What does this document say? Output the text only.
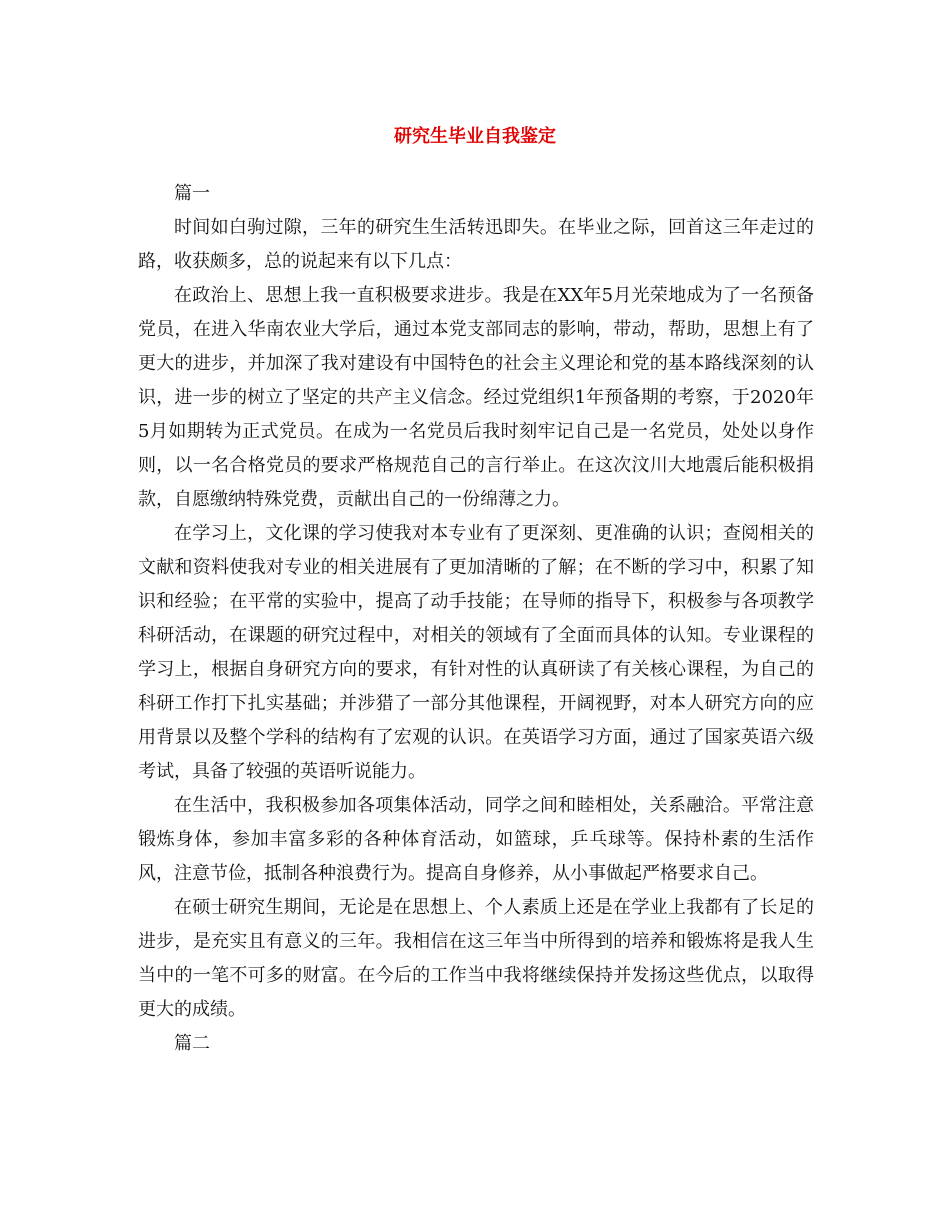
研究生毕业自我鉴定

篇一

时间如白驹过隙，三年的研究生生活转迅即失。在毕业之际，回首这三年走过的路，收获颇多，总的说起来有以下几点：

在政治上、思想上我一直积极要求进步。我是在XX年5月光荣地成为了一名预备党员，在进入华南农业大学后，通过本党支部同志的影响，带动，帮助，思想上有了更大的进步，并加深了我对建设有中国特色的社会主义理论和党的基本路线深刻的认识，进一步的树立了坚定的共产主义信念。经过党组织1年预备期的考察，于2020年5月如期转为正式党员。在成为一名党员后我时刻牢记自己是一名党员，处处以身作则，以一名合格党员的要求严格规范自己的言行举止。在这次汶川大地震后能积极捐款，自愿缴纳特殊党费，贡献出自己的一份绵薄之力。

在学习上，文化课的学习使我对本专业有了更深刻、更准确的认识；查阅相关的文献和资料使我对专业的相关进展有了更加清晰的了解；在不断的学习中，积累了知识和经验；在平常的实验中，提高了动手技能；在导师的指导下，积极参与各项教学科研活动，在课题的研究过程中，对相关的领域有了全面而具体的认知。专业课程的学习上，根据自身研究方向的要求，有针对性的认真研读了有关核心课程，为自己的科研工作打下扎实基础；并涉猎了一部分其他课程，开阔视野，对本人研究方向的应用背景以及整个学科的结构有了宏观的认识。在英语学习方面，通过了国家英语六级考试，具备了较强的英语听说能力。

在生活中，我积极参加各项集体活动，同学之间和睦相处，关系融洽。平常注意锻炼身体，参加丰富多彩的各种体育活动，如篮球，乒乓球等。保持朴素的生活作风，注意节俭，抵制各种浪费行为。提高自身修养，从小事做起严格要求自己。

在硕士研究生期间，无论是在思想上、个人素质上还是在学业上我都有了长足的进步，是充实且有意义的三年。我相信在这三年当中所得到的培养和锻炼将是我人生当中的一笔不可多的财富。在今后的工作当中我将继续保持并发扬这些优点，以取得更大的成绩。

篇二
